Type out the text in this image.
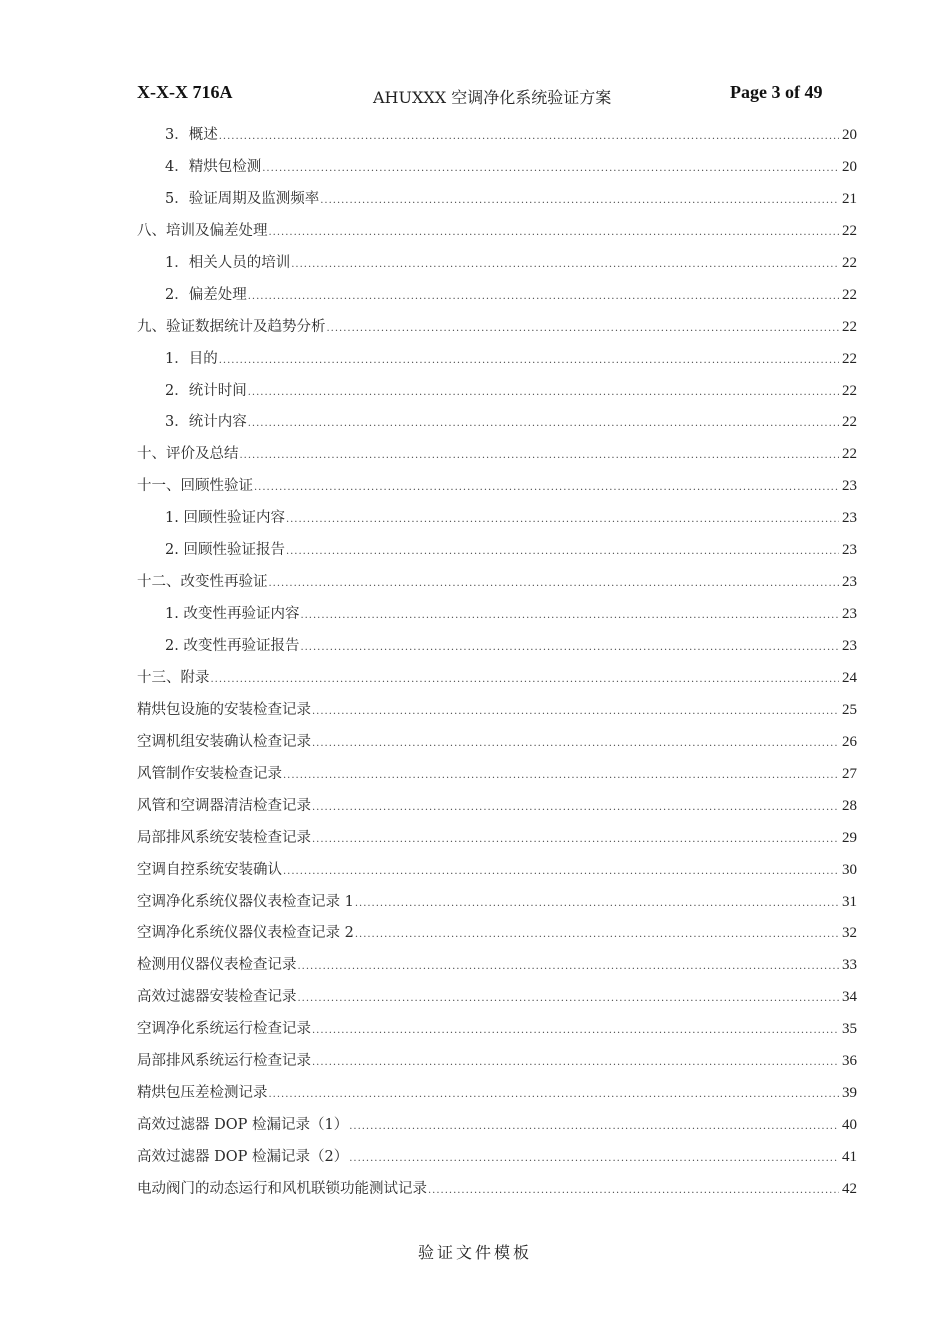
X-X-X 716A	AHUXXX 空调净化系统验证方案	Page 3 of 49
3．概述 .....	20
4．精烘包检测 .....	20
5．验证周期及监测频率 .....	21
八、培训及偏差处理 .....	22
1．相关人员的培训 .....	22
2．偏差处理 .....	22
九、验证数据统计及趋势分析 .....	22
1．目的 .....	22
2．统计时间 .....	22
3．统计内容 .....	22
十、评价及总结 .....	22
十一、回顾性验证 .....	23
1. 回顾性验证内容 .....	23
2. 回顾性验证报告 .....	23
十二、改变性再验证 .....	23
1. 改变性再验证内容 .....	23
2. 改变性再验证报告 .....	23
十三、附录 .....	24
精烘包设施的安装检查记录 .....	25
空调机组安装确认检查记录 .....	26
风管制作安装检查记录 .....	27
风管和空调器清洁检查记录 .....	28
局部排风系统安装检查记录 .....	29
空调自控系统安装确认 .....	30
空调净化系统仪器仪表检查记录 1 .....	31
空调净化系统仪器仪表检查记录 2 .....	32
检测用仪器仪表检查记录 .....	33
高效过滤器安装检查记录 .....	34
空调净化系统运行检查记录 .....	35
局部排风系统运行检查记录 .....	36
精烘包压差检测记录 .....	39
高效过滤器 DOP 检漏记录（1） .....	40
高效过滤器 DOP 检漏记录（2） .....	41
电动阀门的动态运行和风机联锁功能测试记录 .....	42
验证文件模板
